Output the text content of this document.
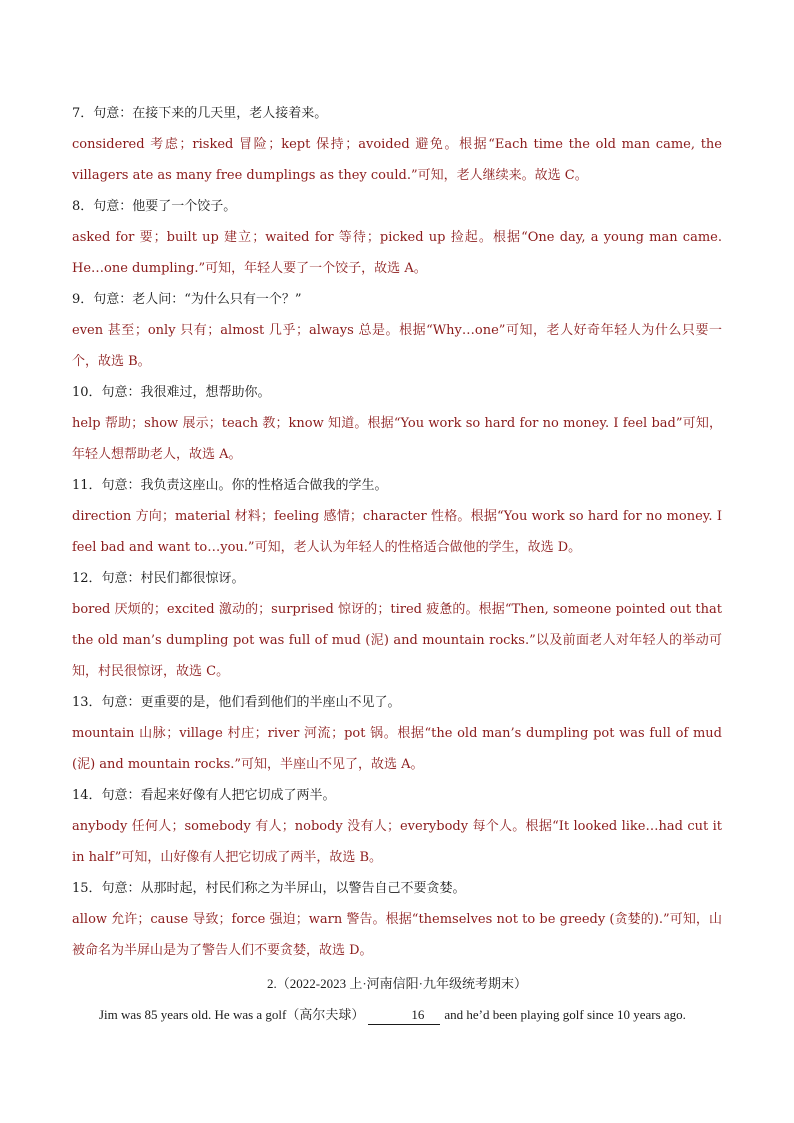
7．句意：在接下来的几天里，老人接着来。
considered 考虑；risked 冒险；kept 保持；avoided 避免。根据“Each time the old man came, the villagers ate as many free dumplings as they could.”可知，老人继续来。故选 C。
8．句意：他要了一个饺子。
asked for 要；built up 建立；waited for 等待；picked up 捡起。根据“One day, a young man came. He…one dumpling.”可知，年轻人要了一个饺子，故选 A。
9．句意：老人问：“为什么只有一个？”
even 甚至；only 只有；almost 几乎；always 总是。根据“Why…one”可知，老人好奇年轻人为什么只要一个，故选 B。
10．句意：我很难过，想帮助你。
help 帮助；show 展示；teach 教；know 知道。根据“You work so hard for no money. I feel bad”可知，年轻人想帮助老人，故选 A。
11．句意：我负责这座山。你的性格适合做我的学生。
direction 方向；material 材料；feeling 感情；character 性格。根据“You work so hard for no money. I feel bad and want to…you.”可知，老人认为年轻人的性格适合做他的学生，故选 D。
12．句意：村民们都很惊讶。
bored 厌烦的；excited 激动的；surprised 惊讶的；tired 疲惫的。根据“Then, someone pointed out that the old man’s dumpling pot was full of mud (泥) and mountain rocks.”以及前面老人对年轻人的举动可知，村民很惊讶，故选 C。
13．句意：更重要的是，他们看到他们的半座山不见了。
mountain 山脉；village 村庄；river 河流；pot 锅。根据“the old man’s dumpling pot was full of mud (泥) and mountain rocks.”可知，半座山不见了，故选 A。
14．句意：看起来好像有人把它切成了两半。
anybody 任何人；somebody 有人；nobody 没有人；everybody 每个人。根据“It looked like…had cut it in half”可知，山好像有人把它切成了两半，故选 B。
15．句意：从那时起，村民们称之为半屏山，以警告自己不要贪婪。
allow 允许；cause 导致；force 强迫；warn 警告。根据“themselves not to be greedy (贪婪的).”可知，山被命名为半屏山是为了警告人们不要贪婪，故选 D。
2.（2022-2023 上·河南信阳·九年级统考期末）
Jim was 85 years old. He was a golf（高尔夫球）	16 and he’d been playing golf since 10 years ago.
